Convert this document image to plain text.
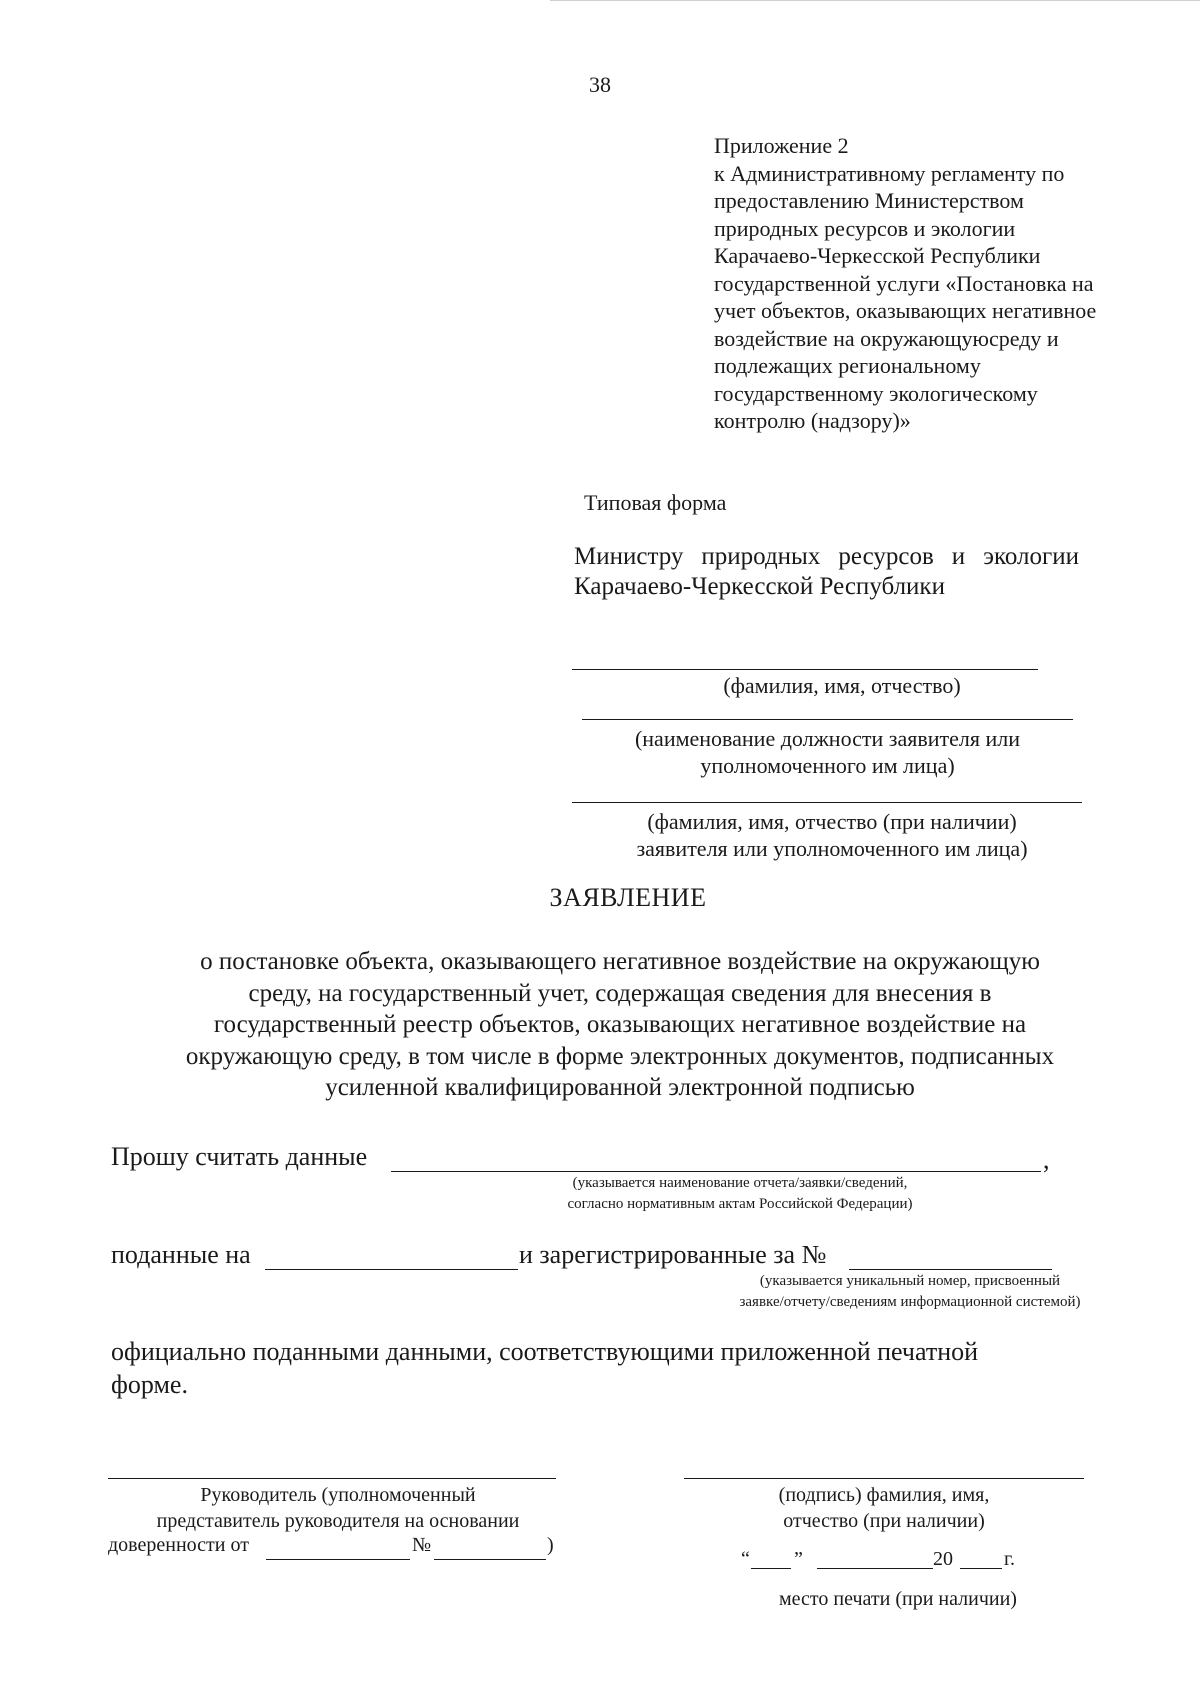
38
Приложение 2
к Административному регламенту по
предоставлению Министерством
природных ресурсов и экологии
Карачаево-Черкесской Республики
государственной услуги «Постановка на
учет объектов, оказывающих негативное
воздействие на окружающуюсреду и
подлежащих региональному
государственному экологическому
контролю (надзору)»
Типовая форма
Министру природных ресурсов и экологии Карачаево-Черкесской Республики
(фамилия, имя, отчество)
(наименование должности заявителя или
уполномоченного им лица)
(фамилия, имя, отчество (при наличии)
заявителя или уполномоченного им лица)
ЗАЯВЛЕНИЕ
о постановке объекта, оказывающего негативное воздействие на окружающую
среду, на государственный учет, содержащая сведения для внесения в
государственный реестр объектов, оказывающих негативное воздействие на
окружающую среду, в том числе в форме электронных документов, подписанных
усиленной квалифицированной электронной подписью
Прошу считать данные	,
(указывается наименование отчета/заявки/сведений,
согласно нормативным актам Российской Федерации)
поданные на	и зарегистрированные за №
(указывается уникальный номер, присвоенный
заявке/отчету/сведениям информационной системой)
официально поданными данными, соответствующими приложенной печатной
форме.
Руководитель (уполномоченный
представитель руководителя на основании
доверенности от	№	)
(подпись) фамилия, имя,
отчество (при наличии)
“ ”	20	г.
место печати (при наличии)
